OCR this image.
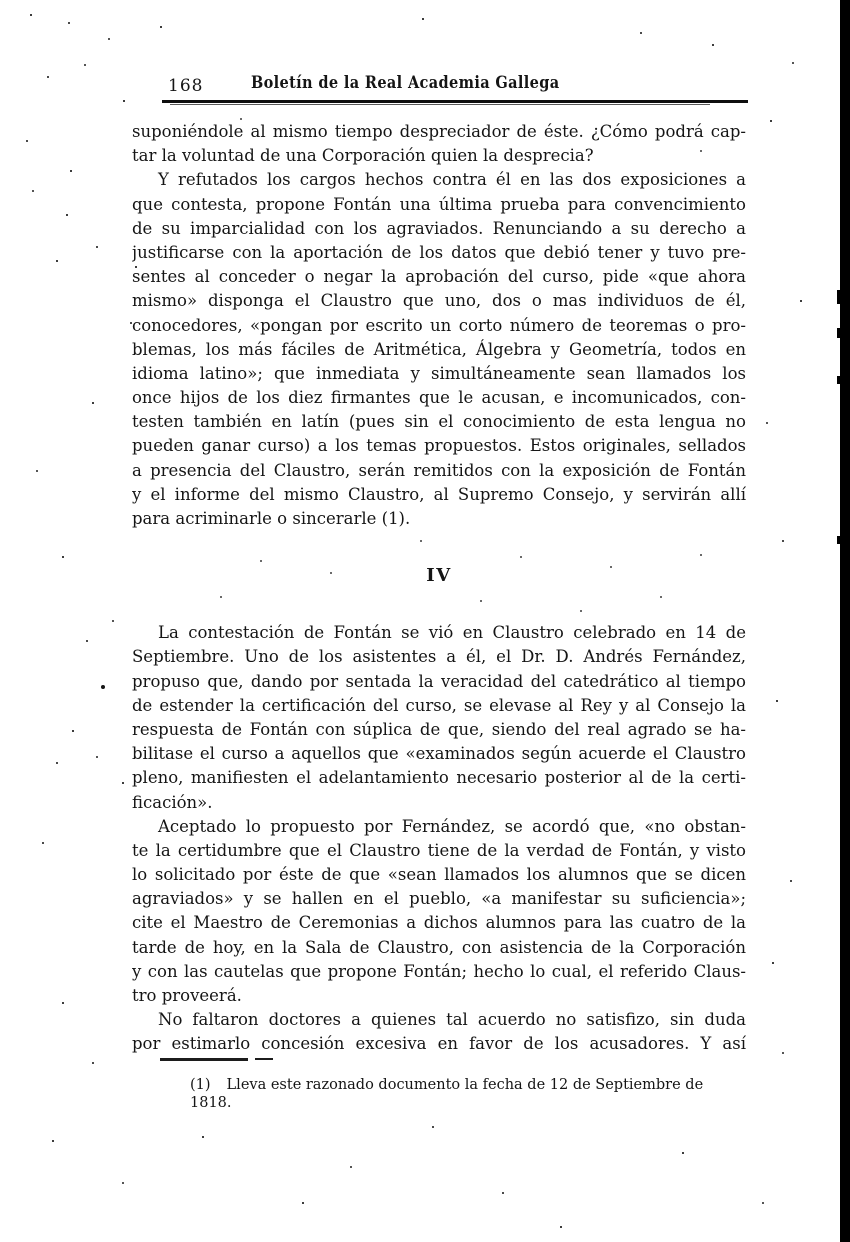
168	Boletín de la Real Academia Gallega

suponiéndole al mismo tiempo despreciador de éste. ¿Cómo podrá cap-
tar la voluntad de una Corporación quien la desprecia?

Y refutados los cargos hechos contra él en las dos exposiciones a
que contesta, propone Fontán una última prueba para convencimiento
de su imparcialidad con los agraviados. Renunciando a su derecho a
justificarse con la aportación de los datos que debió tener y tuvo pre-
sentes al conceder o negar la aprobación del curso, pide «que ahora
mismo» disponga el Claustro que uno, dos o mas individuos de él,
conocedores, «pongan por escrito un corto número de teoremas o pro-
blemas, los más fáciles de Aritmética, Álgebra y Geometría, todos en
idioma latino»; que inmediata y simultáneamente sean llamados los
once hijos de los diez firmantes que le acusan, e incomunicados, con-
testen también en latín (pues sin el conocimiento de esta lengua no
pueden ganar curso) a los temas propuestos. Estos originales, sellados
a presencia del Claustro, serán remitidos con la exposición de Fontán
y el informe del mismo Claustro, al Supremo Consejo, y servirán allí
para acriminarle o sincerarle (1).

IV

La contestación de Fontán se vió en Claustro celebrado en 14 de
Septiembre. Uno de los asistentes a él, el Dr. D. Andrés Fernández,
propuso que, dando por sentada la veracidad del catedrático al tiempo
de estender la certificación del curso, se elevase al Rey y al Consejo la
respuesta de Fontán con súplica de que, siendo del real agrado se ha-
bilitase el curso a aquellos que «examinados según acuerde el Claustro
pleno, manifiesten el adelantamiento necesario posterior al de la certi-
ficación».

Aceptado lo propuesto por Fernández, se acordó que, «no obstan-
te la certidumbre que el Claustro tiene de la verdad de Fontán, y visto
lo solicitado por éste de que «sean llamados los alumnos que se dicen
agraviados» y se hallen en el pueblo, «a manifestar su suficiencia»;
cite el Maestro de Ceremonias a dichos alumnos para las cuatro de la
tarde de hoy, en la Sala de Claustro, con asistencia de la Corporación
y con las cautelas que propone Fontán; hecho lo cual, el referido Claus-
tro proveerá.

No faltaron doctores a quienes tal acuerdo no satisfizo, sin duda
por estimarlo concesión excesiva en favor de los acusadores. Y así

(1) Lleva este razonado documento la fecha de 12 de Septiembre de 1818.
